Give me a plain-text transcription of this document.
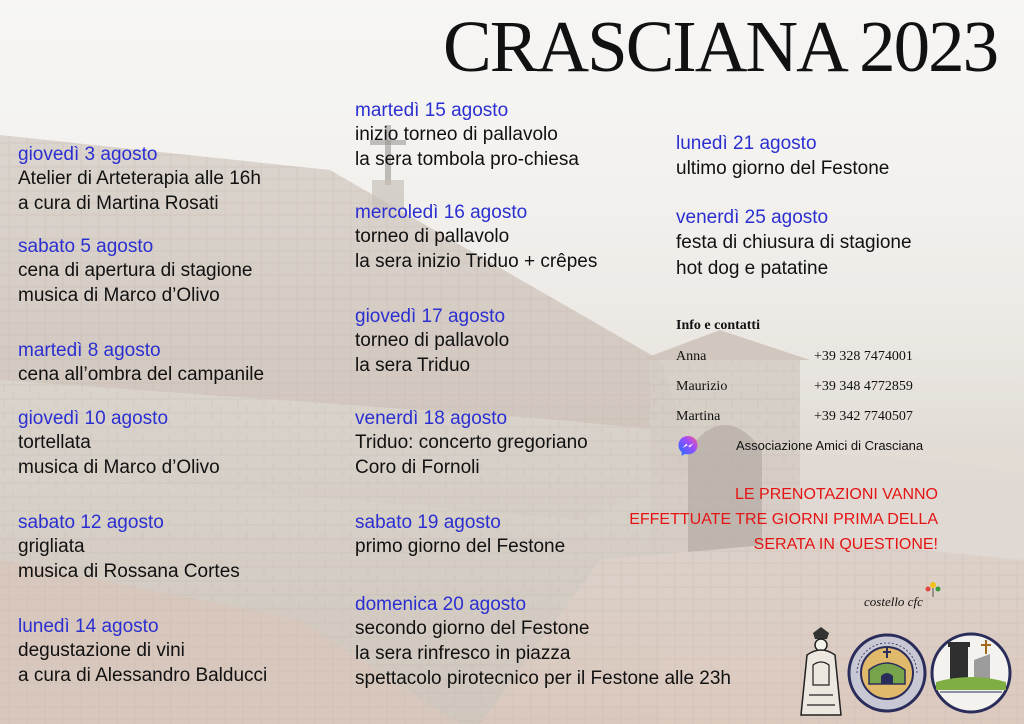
CRASCIANA 2023
giovedì 3 agosto
Atelier di Arteterapia alle 16h
a cura di Martina Rosati
sabato 5 agosto
cena di apertura di stagione
musica di Marco d’Olivo
martedì 8 agosto
cena all’ombra del campanile
giovedì 10 agosto
tortellata
musica di Marco d’Olivo
sabato 12 agosto
grigliata
musica di Rossana Cortes
lunedì 14 agosto
degustazione di vini
a cura di Alessandro Balducci
martedì 15 agosto
inizio torneo di pallavolo
la sera tombola pro-chiesa
mercoledì 16 agosto
torneo di pallavolo
la sera inizio Triduo + crêpes
giovedì 17 agosto
torneo di pallavolo
la sera Triduo
venerdì 18 agosto
Triduo: concerto gregoriano
Coro di Fornoli
sabato 19 agosto
primo giorno del Festone
domenica 20 agosto
secondo giorno del Festone
la sera rinfresco in piazza
spettacolo pirotecnico per il Festone alle 23h
lunedì 21 agosto
ultimo giorno del Festone
venerdì 25 agosto
festa di chiusura di stagione
hot dog e patatine
Info e contatti
Anna	+39 328 7474001
Maurizio	+39 348 4772859
Martina	+39 342 7740507
Associazione Amici di Crasciana
LE PRENOTAZIONI VANNO
EFFETTUATE TRE GIORNI PRIMA DELLA
SERATA IN QUESTIONE!
costello cfc
